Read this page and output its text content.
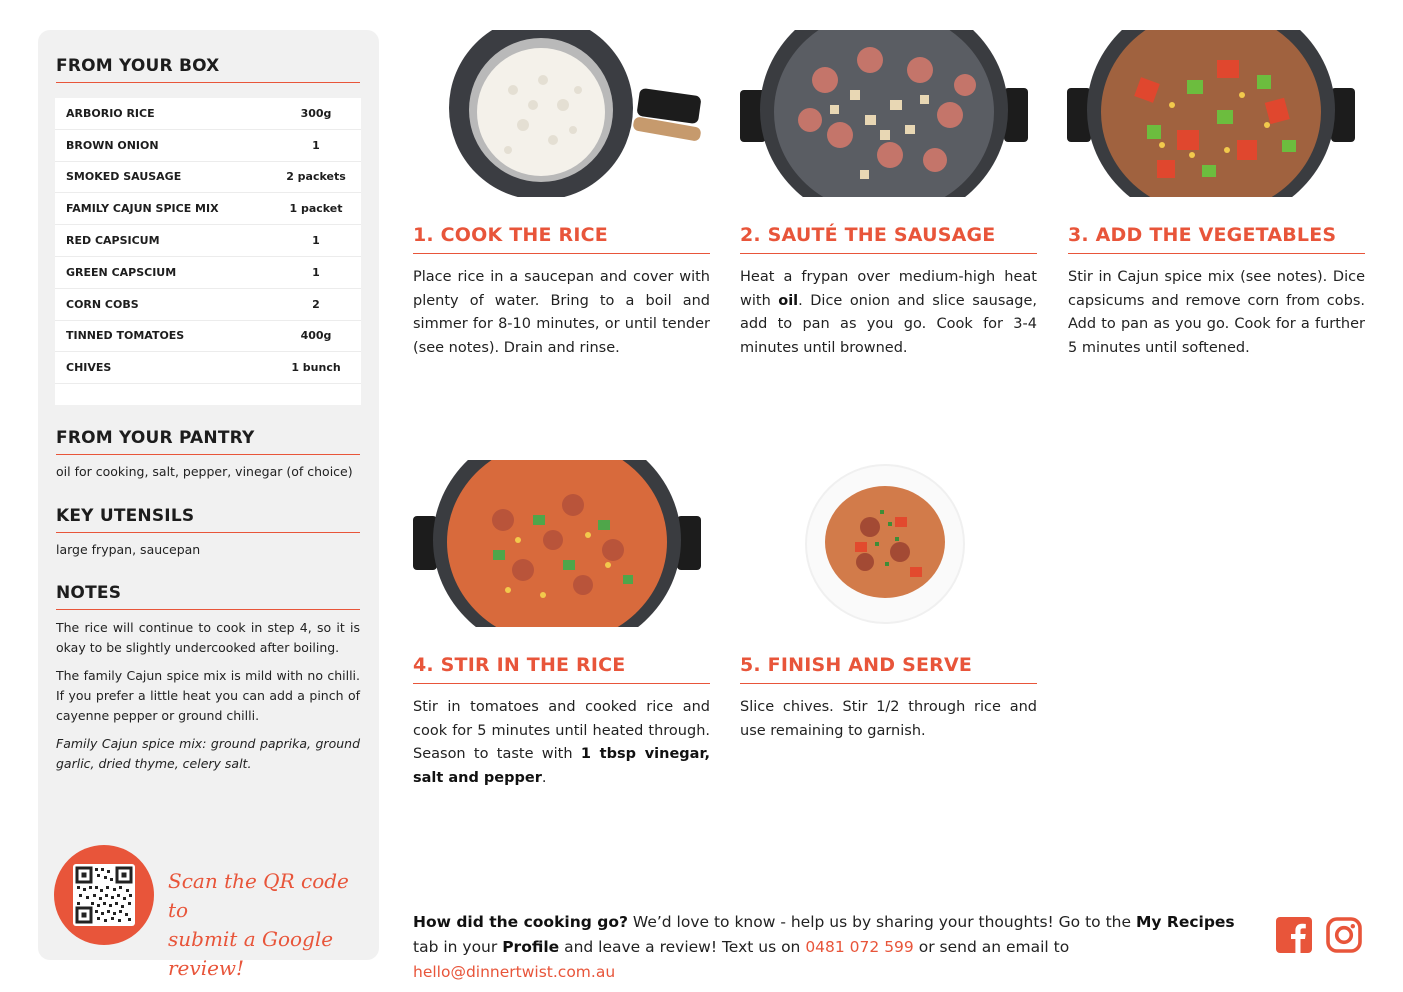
FROM YOUR BOX
ARBORIO RICE	300g
BROWN ONION	1
SMOKED SAUSAGE	2 packets
FAMILY CAJUN SPICE MIX	1 packet
RED CAPSICUM	1
GREEN CAPSCIUM	1
CORN COBS	2
TINNED TOMATOES	400g
CHIVES	1 bunch
FROM YOUR PANTRY
oil for cooking, salt, pepper, vinegar (of choice)
KEY UTENSILS
large frypan, saucepan
NOTES

The rice will continue to cook in step 4, so it is okay to be slightly undercooked after boiling.

The family Cajun spice mix is mild with no chilli. If you prefer a little heat you can add a pinch of cayenne pepper or ground chilli.

Family Cajun spice mix: ground paprika, ground garlic, dried thyme, celery salt.

Scan the QR code to
submit a Google review!
1. COOK THE RICE
Place rice in a saucepan and cover with plenty of water. Bring to a boil and simmer for 8-10 minutes, or until tender (see notes). Drain and rinse.
2. SAUTÉ THE SAUSAGE
Heat a frypan over medium-high heat with oil. Dice onion and slice sausage, add to pan as you go. Cook for 3-4 minutes until browned.
3. ADD THE VEGETABLES
Stir in Cajun spice mix (see notes). Dice capsicums and remove corn from cobs. Add to pan as you go. Cook for a further 5 minutes until softened.
4. STIR IN THE RICE
Stir in tomatoes and cooked rice and cook for 5 minutes until heated through. Season to taste with 1 tbsp vinegar, salt and pepper.
5. FINISH AND SERVE
Slice chives. Stir 1/2 through rice and use remaining to garnish.
How did the cooking go? We’d love to know - help us by sharing your thoughts! Go to the My Recipes tab in your Profile and leave a review! Text us on 0481 072 599 or send an email to hello@dinnertwist.com.au
